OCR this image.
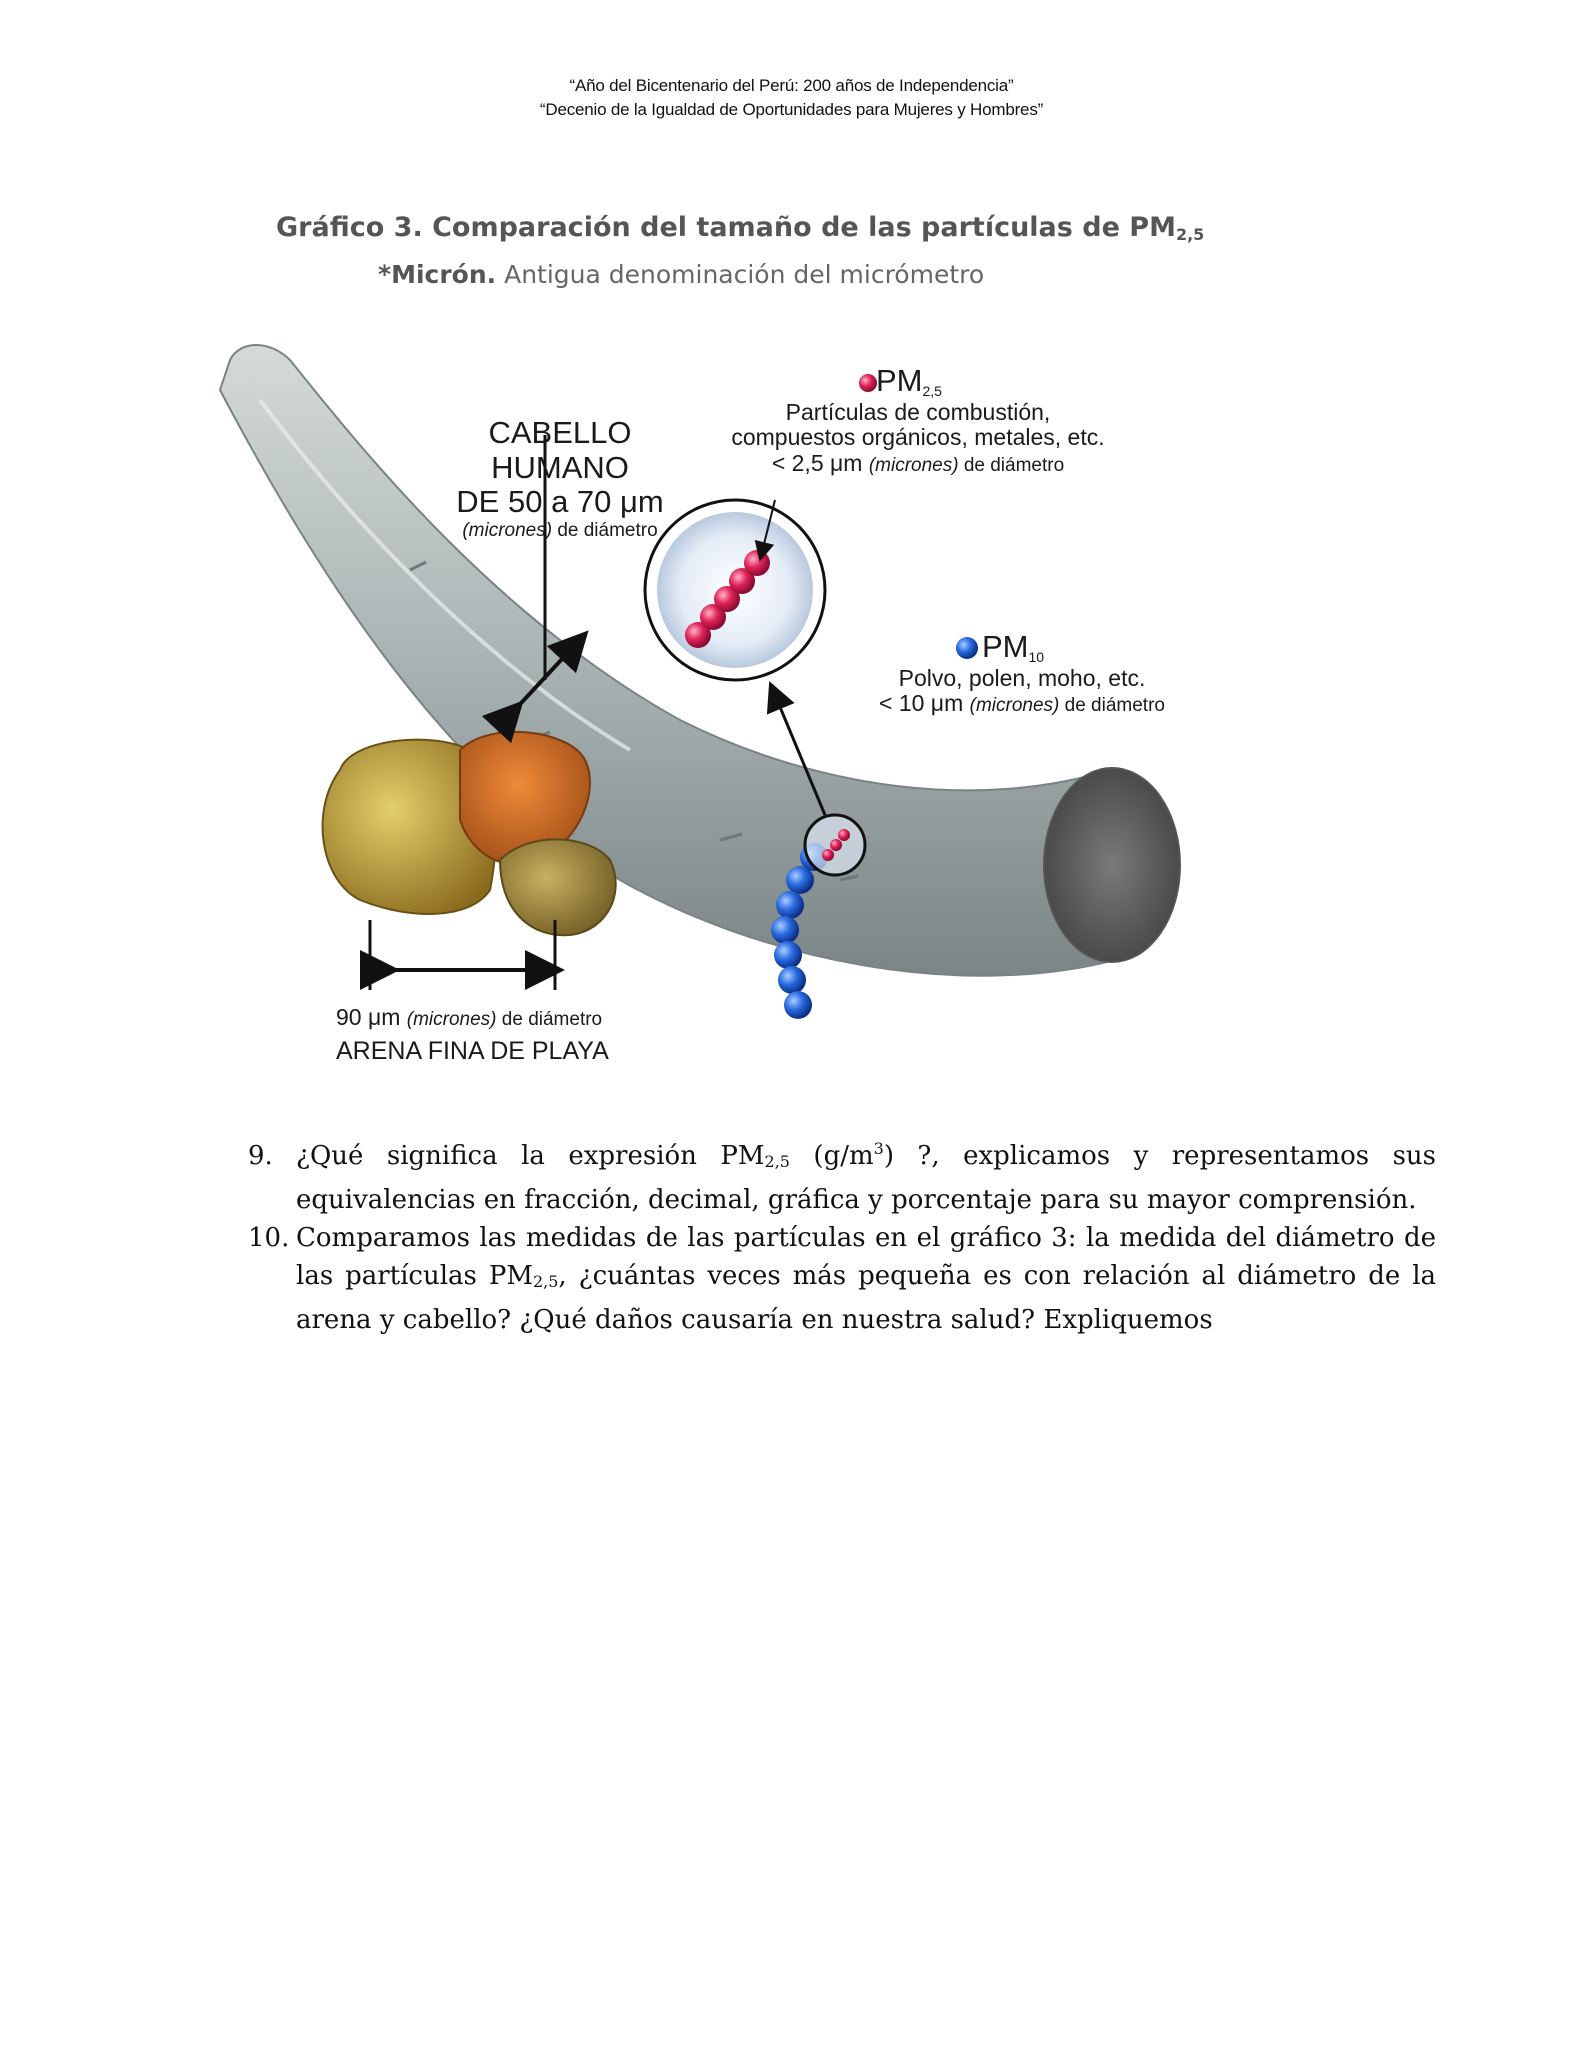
“Año del Bicentenario del Perú: 200 años de Independencia”
“Decenio de la Igualdad de Oportunidades para Mujeres y Hombres”
Gráfico 3. Comparación del tamaño de las partículas de $PM_{2,5}$
*Micrón. Antigua denominación del micrómetro
CABELLO HUMANO
DE 50 a 70 μm
(micrones) de diámetro
$PM_{2,5}$
Partículas de combustión,
compuestos orgánicos, metales, etc.
< 2,5 μm (micrones) de diámetro
$PM_{10}$
Polvo, polen, moho, etc.
< 10 μm (micrones) de diámetro
90 μm (micrones) de diámetro
ARENA FINA DE PLAYA
9. ¿Qué significa la expresión $PM_{2,5}$ $(g/m^3)$ ?, explicamos y representamos sus equivalencias en fracción, decimal, gráfica y porcentaje para su mayor comprensión.
10. Comparamos las medidas de las partículas en el gráfico 3: la medida del diámetro de las partículas $PM_{2,5}$, ¿cuántas veces más pequeña es con relación al diámetro de la arena y cabello? ¿Qué daños causaría en nuestra salud? Expliquemos
